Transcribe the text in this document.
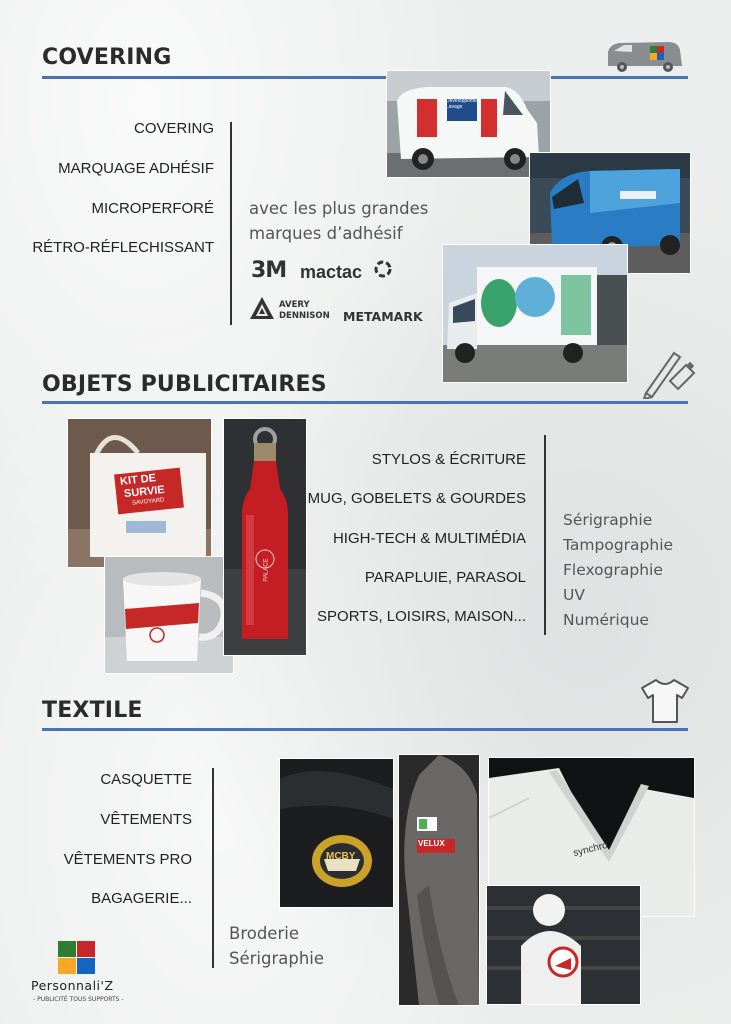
COVERING
COVERING
MARQUAGE ADHÉSIF
MICROPERFORÉ
RÉTRO-RÉFLECHISSANT
avec les plus grandes
marques d’adhésif
3M mactac
AVERY
DENNISON METAMARK
Développement Lavage
OBJETS PUBLICITAIRES
KIT DE
SURVIE
SAVOYARD
PALACE
STYLOS & ÉCRITURE
MUG, GOBELETS & GOURDES
HIGH-TECH & MULTIMÉDIA
PARAPLUIE, PARASOL
SPORTS, LOISIRS, MAISON...
Sérigraphie
Tampographie
Flexographie
UV
Numérique
TEXTILE
CASQUETTE
VÊTEMENTS
VÊTEMENTS PRO
BAGAGERIE...
Broderie
Sérigraphie
MCBY
VELUX	synchro
Personnali'Z
- PUBLICITÉ TOUS SUPPORTS -
